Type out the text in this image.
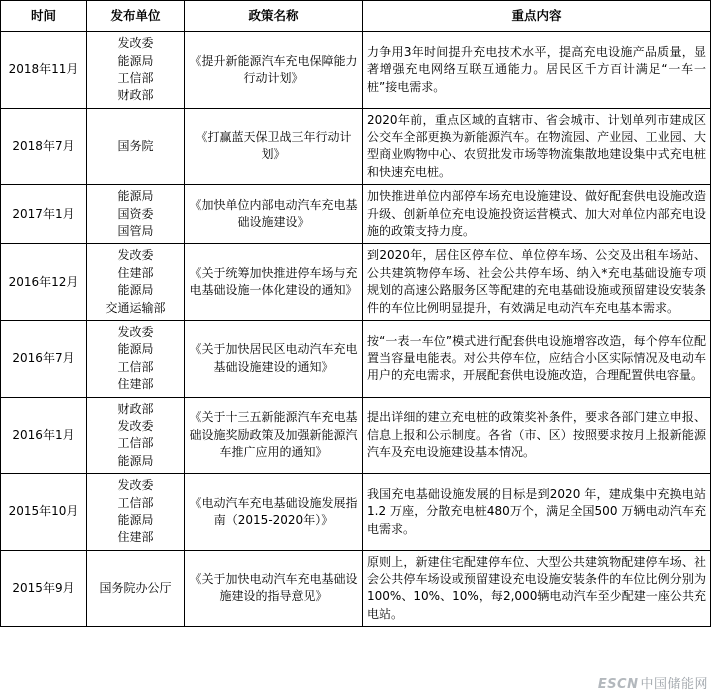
时间	发布单位	政策名称	重点内容
2018年11月	发改委
能源局
工信部
财政部	《提升新能源汽车充电保障能力行动计划》	力争用3年时间提升充电技术水平，提高充电设施产品质量，显著增强充电网络互联互通能力。居民区千方百计满足“一车一桩”接电需求。
2018年7月	国务院	《打赢蓝天保卫战三年行动计划》	2020年前，重点区域的直辖市、省会城市、计划单列市建成区公交车全部更换为新能源汽车。在物流园、产业园、工业园、大型商业购物中心、农贸批发市场等物流集散地建设集中式充电桩和快速充电桩。
2017年1月	能源局
国资委
国管局	《加快单位内部电动汽车充电基础设施建设》	加快推进单位内部停车场充电设施建设、做好配套供电设施改造升级、创新单位充电设施投资运营模式、加大对单位内部充电设施的政策支持力度。
2016年12月	发改委
住建部
能源局
交通运输部	《关于统筹加快推进停车场与充电基础设施一体化建设的通知》	到2020年，居住区停车位、单位停车场、公交及出租车场站、公共建筑物停车场、社会公共停车场、纳入*充电基础设施专项规划的高速公路服务区等配建的充电基础设施或预留建设安装条件的车位比例明显提升，有效满足电动汽车充电基本需求。
2016年7月	发改委
能源局
工信部
住建部	《关于加快居民区电动汽车充电基础设施建设的通知》	按“一表一车位”模式进行配套供电设施增容改造，每个停车位配置当容量电能表。对公共停车位，应结合小区实际情况及电动车用户的充电需求，开展配套供电设施改造，合理配置供电容量。
2016年1月	财政部
发改委
工信部
能源局	《关于十三五新能源汽车充电基础设施奖励政策及加强新能源汽车推广应用的通知》	提出详细的建立充电桩的政策奖补条件，要求各部门建立申报、信息上报和公示制度。各省（市、区）按照要求按月上报新能源汽车及充电设施建设基本情况。
2015年10月	发改委
工信部
能源局
住建部	《电动汽车充电基础设施发展指南（2015-2020年）》	我国充电基础设施发展的目标是到2020 年，建成集中充换电站1.2 万座，分散充电桩480万个，满足全国500 万辆电动汽车充电需求。
2015年9月	国务院办公厅	《关于加快电动汽车充电基础设施建设的指导意见》	原则上，新建住宅配建停车位、大型公共建筑物配建停车场、社会公共停车场设或预留建设充电设施安装条件的车位比例分别为100%、10%、10%，每2,000辆电动汽车至少配建一座公共充电站。
ESCN 中国储能网
